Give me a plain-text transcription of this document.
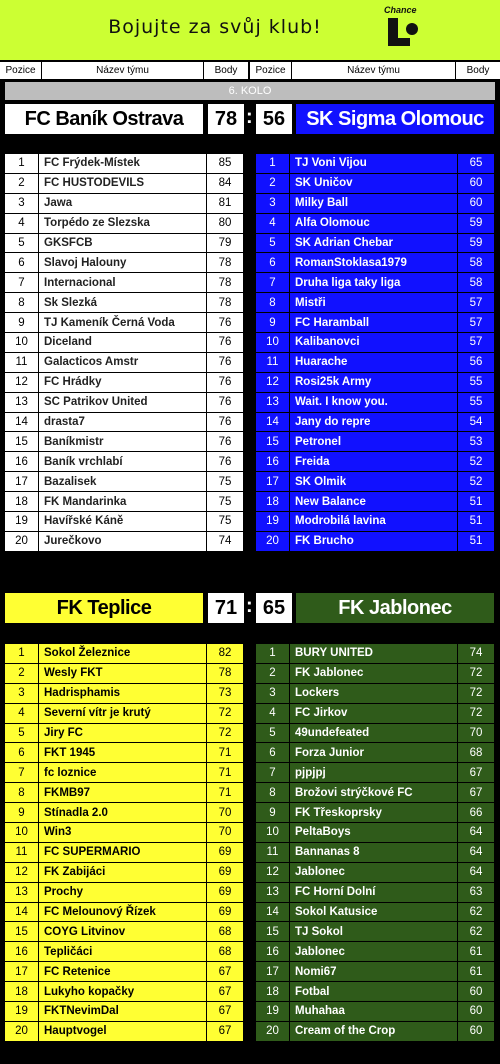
Bojujte za svůj klub!
Chance
Pozice	Název týmu	Body	Pozice	Název týmu	Body
6. KOLO
FC Baník Ostrava	78 : 56	SK Sigma Olomouc
1	FC Frýdek-Místek	85
2	FC HUSTODEVILS	84
3	Jawa	81
4	Torpédo ze Slezska	80
5	GKSFCB	79
6	Slavoj Halouny	78
7	Internacional	78
8	Sk Slezká	78
9	TJ Kameník Černá Voda	76
10	Diceland	76
11	Galacticos Amstr	76
12	FC Hrádky	76
13	SC Patrikov United	76
14	drasta7	76
15	Baníkmistr	76
16	Baník vrchlabí	76
17	Bazalisek	75
18	FK Mandarinka	75
19	Havířské Káně	75
20	Jurečkovo	74
1	TJ Voni Vijou	65
2	SK Uničov	60
3	Milky Ball	60
4	Alfa Olomouc	59
5	SK Adrian Chebar	59
6	RomanStoklasa1979	58
7	Druha liga taky liga	58
8	Mistři	57
9	FC Haramball	57
10	Kalibanovci	57
11	Huarache	56
12	Rosi25k Army	55
13	Wait. I know you.	55
14	Jany do repre	54
15	Petronel	53
16	Freida	52
17	SK Olmik	52
18	New Balance	51
19	Modrobilá lavina	51
20	FK Brucho	51
FK Teplice	71 : 65	FK Jablonec
1	Sokol Železnice	82
2	Wesly FKT	78
3	Hadrisphamis	73
4	Severní vítr je krutý	72
5	Jiry FC	72
6	FKT 1945	71
7	fc loznice	71
8	FKMB97	71
9	Stínadla 2.0	70
10	Win3	70
11	FC SUPERMARIO	69
12	FK Zabijáci	69
13	Prochy	69
14	FC Melounový Řízek	69
15	COYG Litvinov	68
16	Tepličáci	68
17	FC Retenice	67
18	Lukyho kopačky	67
19	FKTNevimDal	67
20	Hauptvogel	67
1	BURY UNITED	74
2	FK Jablonec	72
3	Lockers	72
4	FC Jirkov	72
5	49undefeated	70
6	Forza Junior	68
7	pjpjpj	67
8	Brožovi strýčkové FC	67
9	FK Třeskoprsky	66
10	PeltaBoys	64
11	Bannanas 8	64
12	Jablonec	64
13	FC Horní Dolní	63
14	Sokol Katusice	62
15	TJ Sokol	62
16	Jablonec	61
17	Nomi67	61
18	Fotbal	60
19	Muhahaa	60
20	Cream of the Crop	60
